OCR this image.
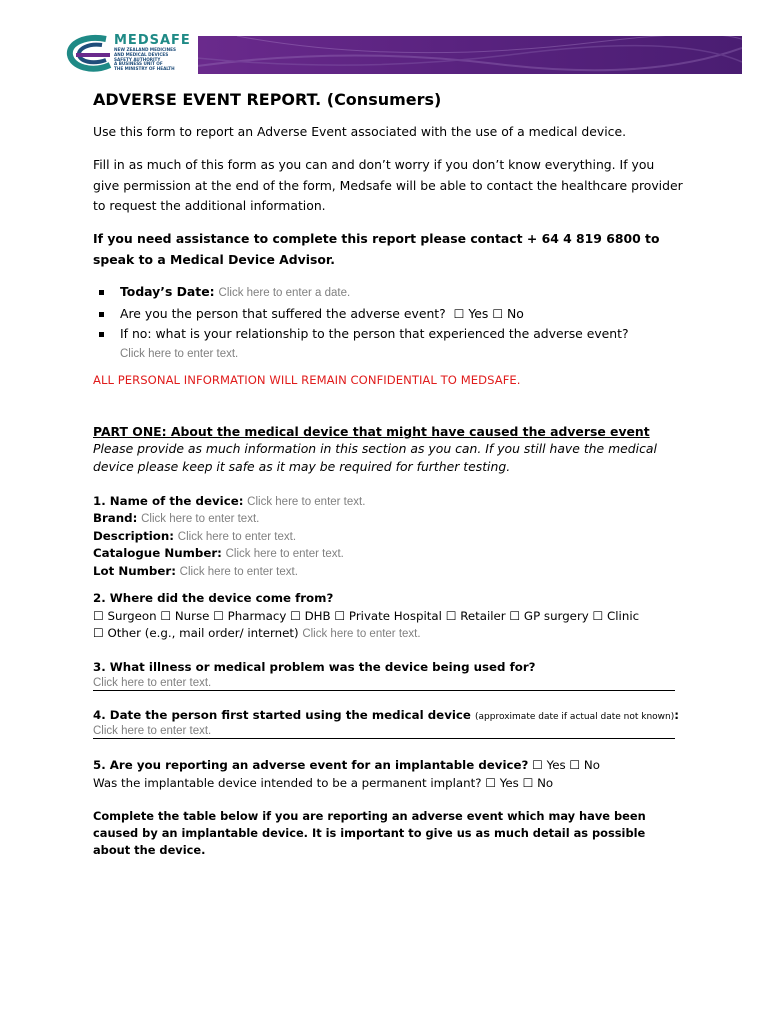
MEDSAFE
NEW ZEALAND MEDICINES
AND MEDICAL DEVICES
SAFETY AUTHORITY
A BUSINESS UNIT OF
THE MINISTRY OF HEALTH
ADVERSE EVENT REPORT. (Consumers)
Use this form to report an Adverse Event associated with the use of a medical device.
Fill in as much of this form as you can and don’t worry if you don’t know everything. If you give permission at the end of the form, Medsafe will be able to contact the healthcare provider to request the additional information.
If you need assistance to complete this report please contact + 64 4 819 6800 to speak to a Medical Device Advisor.
Today’s Date: Click here to enter a date.
Are you the person that suffered the adverse event? ☐ Yes ☐ No
If no: what is your relationship to the person that experienced the adverse event?
Click here to enter text.
ALL PERSONAL INFORMATION WILL REMAIN CONFIDENTIAL TO MEDSAFE.
PART ONE: About the medical device that might have caused the adverse event
Please provide as much information in this section as you can. If you still have the medical device please keep it safe as it may be required for further testing.
1. Name of the device: Click here to enter text.
Brand: Click here to enter text.
Description: Click here to enter text.
Catalogue Number: Click here to enter text.
Lot Number: Click here to enter text.
2. Where did the device come from?
☐ Surgeon ☐ Nurse ☐ Pharmacy ☐ DHB ☐ Private Hospital ☐ Retailer ☐ GP surgery ☐ Clinic
☐ Other (e.g., mail order/ internet) Click here to enter text.
3. What illness or medical problem was the device being used for?
Click here to enter text.
4. Date the person first started using the medical device (approximate date if actual date not known):
Click here to enter text.
5. Are you reporting an adverse event for an implantable device? ☐ Yes ☐ No
Was the implantable device intended to be a permanent implant? ☐ Yes ☐ No
Complete the table below if you are reporting an adverse event which may have been caused by an implantable device. It is important to give us as much detail as possible about the device.
